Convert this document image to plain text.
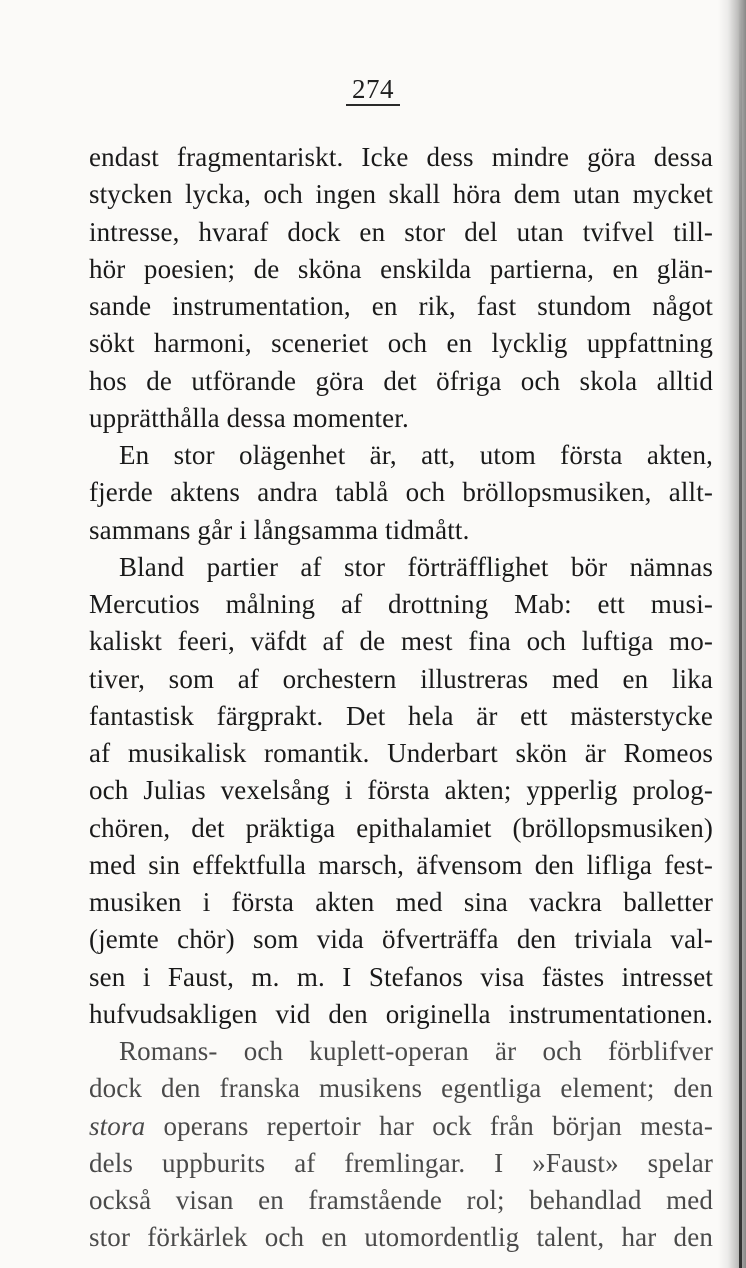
274
endast fragmentariskt. Icke dess mindre göra dessa
stycken lycka, och ingen skall höra dem utan mycket
intresse, hvaraf dock en stor del utan tvifvel till-
hör poesien; de sköna enskilda partierna, en glän-
sande instrumentation, en rik, fast stundom något
sökt harmoni, sceneriet och en lycklig uppfattning
hos de utförande göra det öfriga och skola alltid
upprätthålla dessa momenter.
En stor olägenhet är, att, utom första akten,
fjerde aktens andra tablå och bröllopsmusiken, allt-
sammans går i långsamma tidmått.
Bland partier af stor förträfflighet bör nämnas
Mercutios målning af drottning Mab: ett musi-
kaliskt feeri, väfdt af de mest fina och luftiga mo-
tiver, som af orchestern illustreras med en lika
fantastisk färgprakt. Det hela är ett mästerstycke
af musikalisk romantik. Underbart skön är Romeos
och Julias vexelsång i första akten; ypperlig prolog-
chören, det präktiga epithalamiet (bröllopsmusiken)
med sin effektfulla marsch, äfvensom den lifliga fest-
musiken i första akten med sina vackra balletter
(jemte chör) som vida öfverträffa den triviala val-
sen i Faust, m. m. I Stefanos visa fästes intresset
hufvudsakligen vid den originella instrumentationen.
Romans- och kuplett-operan är och förblifver
dock den franska musikens egentliga element; den
stora operans repertoir har ock från början mesta-
dels uppburits af fremlingar. I »Faust» spelar
också visan en framstående rol; behandlad med
stor förkärlek och en utomordentlig talent, har den
